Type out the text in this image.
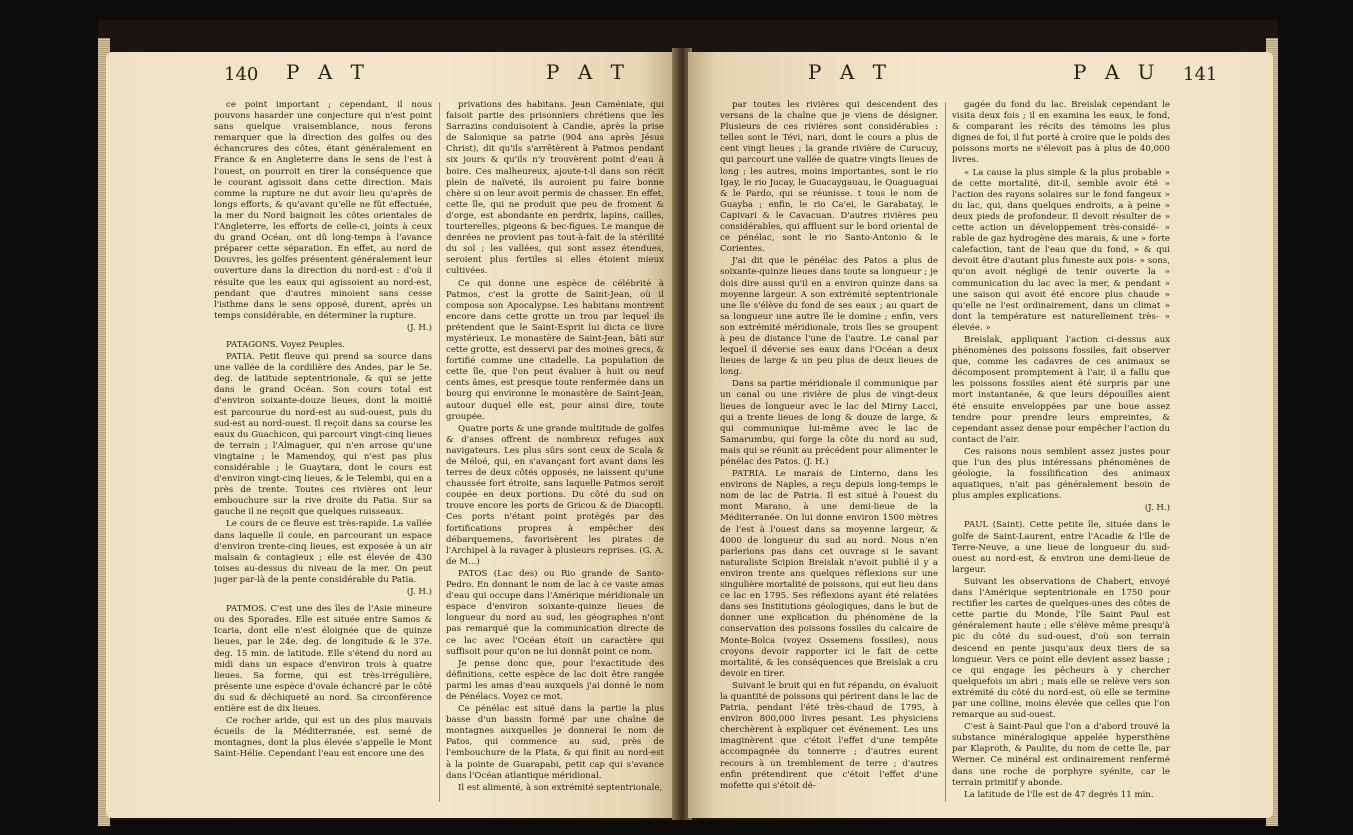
140 P A T	P A T

ce point important ; cependant, il nous pouvons hasarder une conjecture qui n'est point sans quelque vraisemblance, nous ferons remarquer que la direction des golfes ou des échancrures des côtes, étant généralement en France & en Angleterre dans le sens de l'est à l'ouest, on pourroit en tirer la conséquence que le courant agissoit dans cette direction. Mais comme la rupture ne dut avoir lieu qu'après de longs efforts, & qu'avant qu'elle ne fût effectuée, la mer du Nord baignoit les côtes orientales de l'Angleterre, les efforts de celle-ci, joints à ceux du grand Océan, ont dû long-temps à l'avance préparer cette séparation. En effet, au nord de Douvres, les golfes présentent généralement leur ouverture dans la direction du nord-est : d'où il résulte que les eaux qui agissoient au nord-est, pendant que d'autres minoient sans cesse l'isthme dans le sens opposé, durent, après un temps considérable, en déterminer la rupture.

(J. H.)

PATAGONS. Voyez Peuples.

PATIA. Petit fleuve qui prend sa source dans une vallée de la cordilière des Andes, par le 5e. deg. de latitude septentrionale, & qui se jette dans le grand Océan. Son cours total est d'environ soixante-douze lieues, dont la moitié est parcourue du nord-est au sud-ouest, puis du sud-est au nord-ouest. Il reçoit dans sa course les eaux du Guachicon, qui parcourt vingt-cinq lieues de terrain ; l'Almaguer, qui n'en arrose qu'une vingtaine ; le Mamendoy, qui n'est pas plus considérable ; le Guaytara, dont le cours est d'environ vingt-cinq lieues, & le Telembi, qui en a près de trente. Toutes ces rivières ont leur embouchure sur la rive droite du Patia. Sur sa gauche il ne reçoit que quelques ruisseaux.

Le cours de ce fleuve est très-rapide. La vallée dans laquelle il coule, en parcourant un espace d'environ trente-cinq lieues, est exposée à un air malsain & contagieux ; elle est élevée de 430 toises au-dessus du niveau de la mer. On peut juger par-là de la pente considérable du Patia.

(J. H.)

PATMOS. C'est une des îles de l'Asie mineure ou des Sporades. Elle est située entre Samos & Icaria, dont elle n'est éloignée que de quinze lieues, par le 24e. deg. de longitude & le 37e. deg. 15 min. de latitude. Elle s'étend du nord au midi dans un espace d'environ trois à quatre lieues. Sa forme, qui est très-irrégulière, présente une espèce d'ovale échancré par le côté du sud & déchiqueté au nord. Sa circonférence entière est de dix lieues.

Ce rocher aride, qui est un des plus mauvais écueils de la Méditerranée, est semé de montagnes, dont la plus élevée s'appelle le Mont Saint-Hélie. Cependant l'eau est encore une des

privations des habitans. Jean Caméniate, qui faisoit partie des prisonniers chrétiens que les Sarrazins conduisoient à Candie, après la prise de Salonique sa patrie (904 ans après Jésus Christ), dit qu'ils s'arrêtèrent à Patmos pendant six jours & qu'ils n'y trouvèrent point d'eau à boire. Ces malheureux, ajoute-t-il dans son récit plein de naïveté, ils auroient pu faire bonne chère si on leur avoit permis de chasser. En effet, cette île, qui ne produit que peu de froment & d'orge, est abondante en perdrix, lapins, cailles, tourterelles, pigeons & bec-figues. Le manque de denrées ne provient pas tout-à-fait de la stérilité du sol ; les vallées, qui sont assez étendues, seroient plus fertiles si elles étoient mieux cultivées.

Ce qui donne une espèce de célébrité à Patmos, c'est la grotte de Saint-Jean, où il composa son Apocalypse. Les habitans montrent encore dans cette grotte un trou par lequel ils prétendent que le Saint-Esprit lui dicta ce livre mystérieux. Le monastère de Saint-Jean, bâti sur cette grotte, est desservi par des moines grecs, & fortifié comme une citadelle. La population de cette île, que l'on peut évaluer à huit ou neuf cents âmes, est presque toute renfermée dans un bourg qui environne le monastère de Saint-Jean, autour duquel elle est, pour ainsi dire, toute groupée.

Quatre ports & une grande multitude de golfes & d'anses offrent de nombreux refuges aux navigateurs. Les plus sûrs sont ceux de Scala & de Méloé, qui, en s'avançant fort avant dans les terres de deux côtés opposés, ne laissent qu'une chaussée fort étroite, sans laquelle Patmos seroit coupée en deux portions. Du côté du sud on trouve encore les ports de Gricou & de Diacopti. Ces ports n'étant point protégés par des fortifications propres à empêcher des débarquemens, favorisèrent les pirates de l'Archipel à la ravager à plusieurs reprises. (G. A. de M...)

PATOS (Lac des) ou Rio grande de Santo-Pedro. En donnant le nom de lac à ce vaste amas d'eau qui occupe dans l'Amérique méridionale un espace d'environ soixante-quinze lieues de longueur du nord au sud, les géographes n'ont pas remarqué que la communication directe de ce lac avec l'Océan étoit un caractère qui suffisoit pour qu'on ne lui donnât point ce nom.

Je pense donc que, pour l'exactitude des définitions, cette espèce de lac doit être rangée parmi les amas d'eau auxquels j'ai donné le nom de Pénélacs. Voyez ce mot.

Ce pénélac est situé dans la partie la plus basse d'un bassin formé par une chaîne de montagnes auxquelles je donnerai le nom de Patos, qui commence au sud, près de l'embouchure de la Plata, & qui finit au nord-est à la pointe de Guarapabi, petit cap qui s'avance dans l'Océan atlantique méridional.

Il est alimenté, à son extrémité septentrionale,

P A T	P A U 141

par toutes les rivières qui descendent des versans de la chaîne que je viens de désigner. Plusieurs de ces rivières sont considérables : telles sont le Tévi, nari, dont le cours a plus de cent vingt lieues ; la grande rivière de Curucuy, qui parcourt une vallée de quatre vingts lieues de long ; les autres, moins importantes, sont le rio Igay, le rio Jucay, le Guacaygauau, le Quaguaguai & le Pardo, qui se réunisse. t tous le nom de Guayba ; enfin, le rio Ca'ei, le Garabatay, le Capivari & le Cavacuan. D'autres rivières peu considérables, qui affluent sur le bord oriental de ce pénélac, sont le rio Santo-Antonio & le Corientes.

J'ai dit que le pénélac des Patos a plus de soixante-quinze lieues dans toute sa longueur ; je dois dire aussi qu'il en a environ quinze dans sa moyenne largeur. A son extrémité septentrionale une île s'élève du fond de ses eaux ; au quart de sa longueur une autre île le domine ; enfin, vers son extrémité méridionale, trois îles se groupent à peu de distance l'une de l'autre. Le canal par lequel il déverse ses eaux dans l'Océan a deux lieues de large & un peu plus de deux lieues de long.

Dans sa partie méridionale il communique par un canal ou une rivière de plus de vingt-deux lieues de longueur avec le lac del Mirny Lacci, qui a trente lieues de long & douze de large, & qui communique lui-même avec le lac de Samarumbu, qui forge la côte du nord au sud, mais qui se réunit au précédent pour alimenter le pénélac des Patos. (J. H.)

PATRIA. Le marais de Linterno, dans les environs de Naples, a reçu depuis long-temps le nom de lac de Patria. Il est situé à l'ouest du mont Marano, à une demi-lieue de la Méditerranée. On lui donne environ 1500 mètres de l'est à l'ouest dans sa moyenne largeur, & 4000 de longueur du sud au nord. Nous n'en parlerions pas dans cet ouvrage si le savant naturaliste Scipion Breislak n'avoit publié il y a environ trente ans quelques réflexions sur une singulière mortalité de poissons, qui eut lieu dans ce lac en 1795. Ses réflexions ayant été relatées dans ses Institutions géologiques, dans le but de donner une explication du phénomène de la conservation des poissons fossiles du calcaire de Monte-Bolca (voyez Ossemens fossiles), nous croyons devoir rapporter ici le fait de cette mortalité, & les conséquences que Breislak a cru devoir en tirer.

Suivant le bruit qui en fut répandu, on évaluoit la quantité de poissons qui périrent dans le lac de Patria, pendant l'été très-chaud de 1795, à environ 800,000 livres pesant. Les physiciens cherchèrent à expliquer cet événement. Les uns imaginèrent que c'étoit l'effet d'une tempête accompagnée du tonnerre ; d'autres eurent recours à un tremblement de terre ; d'autres enfin prétendirent que c'étoit l'effet d'une mofette qui s'étoit dé-

gagée du fond du lac. Breislak cependant le visita deux fois ; il en examina les eaux, le fond, & comparant les récits des témoins les plus dignes de foi, il fut porté à croire que le poids des poissons morts ne s'élevoit pas à plus de 40,000 livres.

« La cause la plus simple & la plus probable » de cette mortalité, dit-il, semble avoir été » l'action des rayons solaires sur le fond fangeux » du lac, qui, dans quelques endroits, a à peine » deux pieds de profondeur. Il devoit résulter de » cette action un développement très-considé- » rable de gaz hydrogène des marais, & une » forte calefaction, tant de l'eau que du fond, » & qui devoit être d'autant plus funeste aux pois- » sons, qu'on avoit négligé de tenir ouverte la » communication du lac avec la mer, & pendant » une saison qui avoit été encore plus chaude » qu'elle ne l'est ordinairement, dans un climat » dont la température est naturellement très- » élevée. »

Breislak, appliquant l'action ci-dessus aux phénomènes des poissons fossiles, fait observer que, comme les cadavres de ces animaux se décomposent promptement à l'air, il a fallu que les poissons fossiles aient été surpris par une mort instantanée, & que leurs dépouilles aient été ensuite enveloppées par une boue assez tendre pour prendre leurs empreintes, & cependant assez dense pour empêcher l'action du contact de l'air.

Ces raisons nous semblent assez justes pour que l'un des plus intéressans phénomènes de géologie, la fossilification des animaux aquatiques, n'ait pas généralement besoin de plus amples explications.

(J. H.)

PAUL (Saint). Cette petite île, située dans le golfe de Saint-Laurent, entre l'Acadie & l'île de Terre-Neuve, a une lieue de longueur du sud-ouest au nord-est, & environ une demi-lieue de largeur.

Suivant les observations de Chabert, envoyé dans l'Amérique septentrionale en 1750 pour rectifier les cartes de quelques-unes des côtes de cette partie du Monde, l'île Saint Paul est généralement haute ; elle s'élève même presqu'à pic du côté du sud-ouest, d'où son terrain descend en pente jusqu'aux deux tiers de sa longueur. Vers ce point elle devient assez basse ; ce qui engage les pêcheurs à y chercher quelquefois un abri ; mais elle se relève vers son extrémité du côté du nord-est, où elle se termine par une colline, moins élevée que celles que l'on remarque au sud-ouest.

C'est à Saint-Paul que l'on a d'abord trouvé la substance minéralogique appelée hypersthène par Klaproth, & Paulite, du nom de cette île, par Werner. Ce minéral est ordinairement renfermé dans une roche de porphyre syénite, car le terrain primitif y abonde.

La latitude de l'île est de 47 degrés 11 min.
